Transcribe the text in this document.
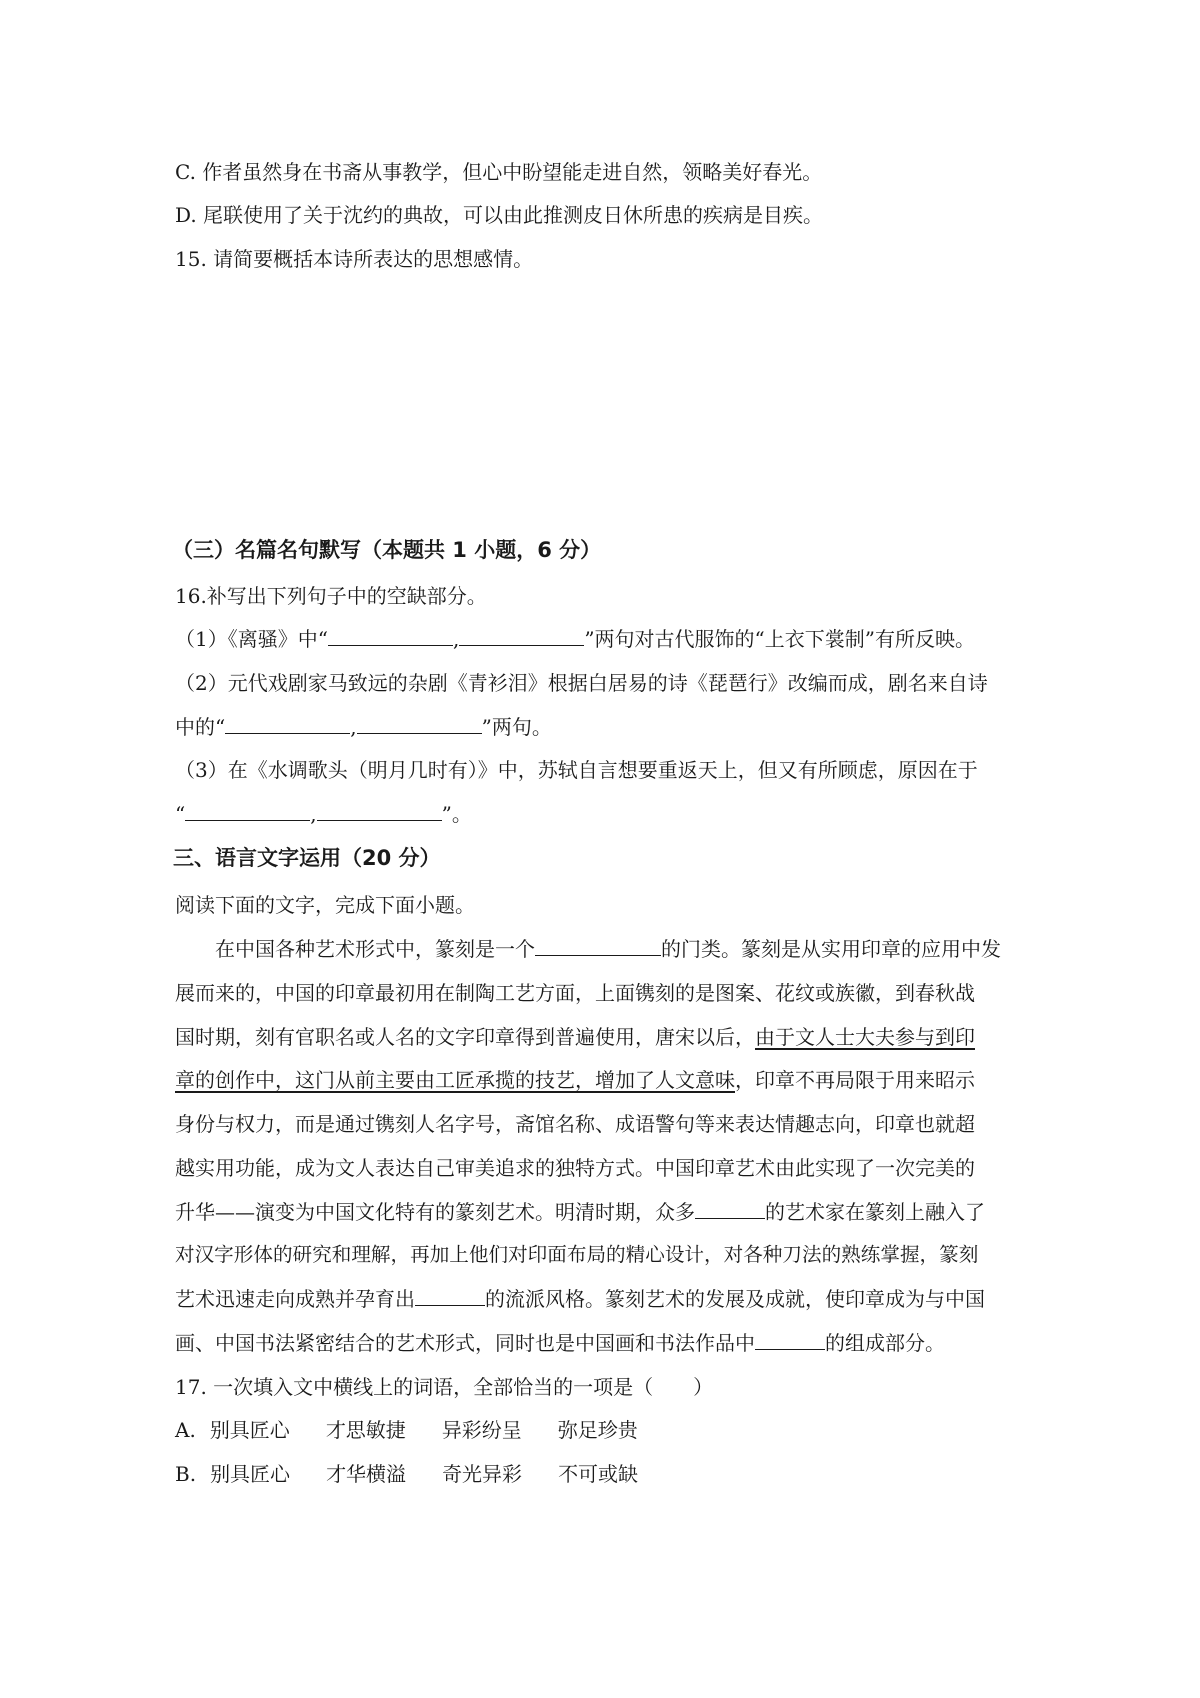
C. 作者虽然身在书斋从事教学，但心中盼望能走进自然，领略美好春光。
D. 尾联使用了关于沈约的典故，可以由此推测皮日休所患的疾病是目疾。
15. 请简要概括本诗所表达的思想感情。
（三）名篇名句默写（本题共 1 小题，6 分）
16.补写出下列句子中的空缺部分。
（1）《离骚》中“	,	”两句对古代服饰的“上衣下裳制”有所反映。
（2）元代戏剧家马致远的杂剧《青衫泪》根据白居易的诗《琵琶行》改编而成，剧名来自诗
中的“	,	”两句。
（3）在《水调歌头（明月几时有）》中，苏轼自言想要重返天上，但又有所顾虑，原因在于
“	,	”。
三、语言文字运用（20 分）
阅读下面的文字，完成下面小题。
在中国各种艺术形式中，篆刻是一个	的门类。篆刻是从实用印章的应用中发
展而来的，中国的印章最初用在制陶工艺方面，上面镌刻的是图案、花纹或族徽，到春秋战
国时期，刻有官职名或人名的文字印章得到普遍使用，唐宋以后，由于文人士大夫参与到印
章的创作中，这门从前主要由工匠承揽的技艺，增加了人文意味，印章不再局限于用来昭示
身份与权力，而是通过镌刻人名字号，斋馆名称、成语警句等来表达情趣志向，印章也就超
越实用功能，成为文人表达自己审美追求的独特方式。中国印章艺术由此实现了一次完美的
升华——演变为中国文化特有的篆刻艺术。明清时期，众多	的艺术家在篆刻上融入了
对汉字形体的研究和理解，再加上他们对印面布局的精心设计，对各种刀法的熟练掌握，篆刻
艺术迅速走向成熟并孕育出	的流派风格。篆刻艺术的发展及成就，使印章成为与中国
画、中国书法紧密结合的艺术形式，同时也是中国画和书法作品中	的组成部分。
17. 一次填入文中横线上的词语，全部恰当的一项是（　　）
A. 别具匠心 才思敏捷 异彩纷呈 弥足珍贵
B. 别具匠心 才华横溢 奇光异彩 不可或缺
